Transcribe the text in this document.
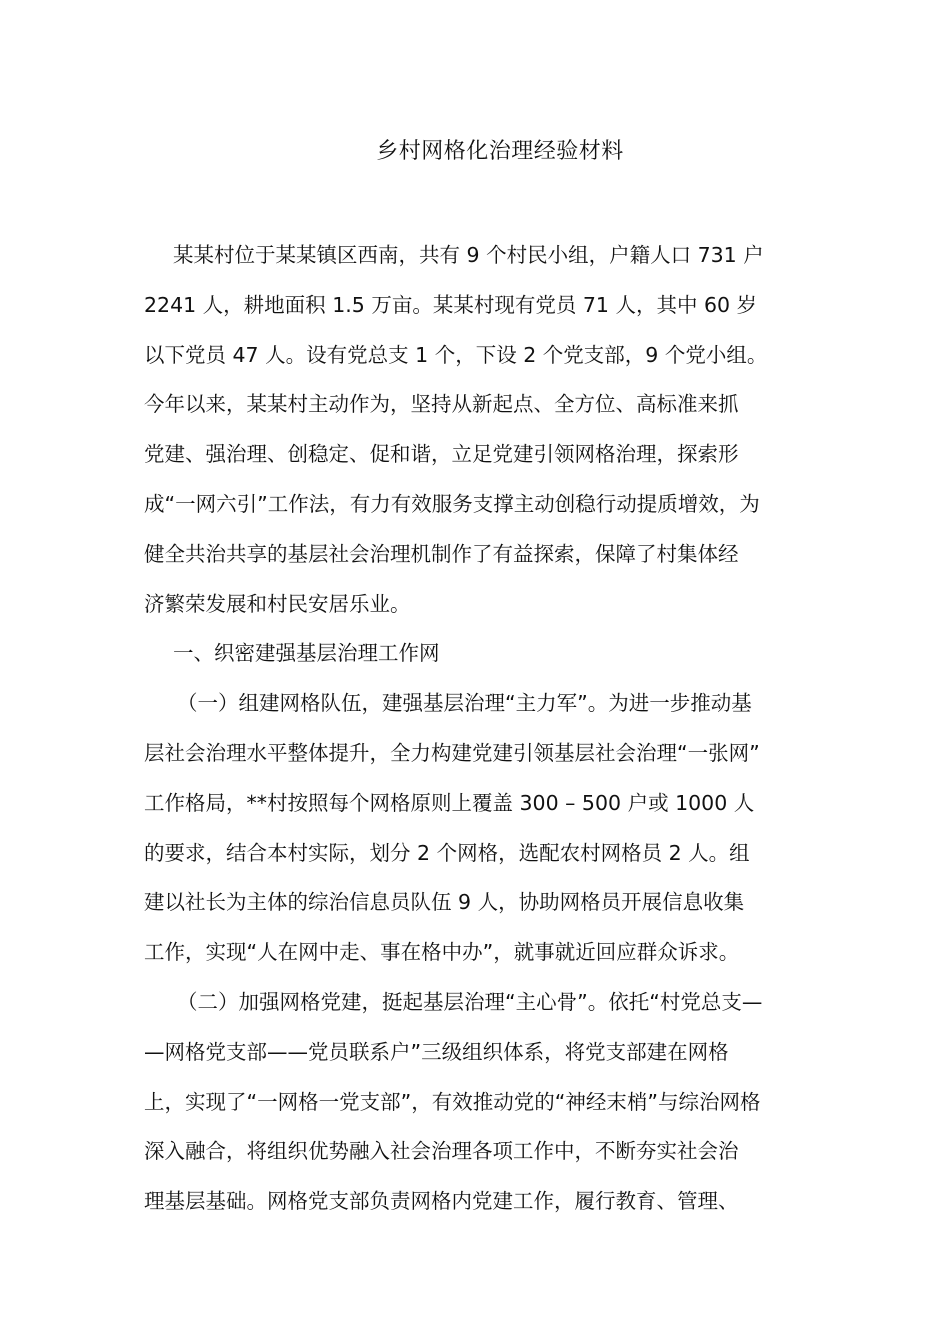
乡村网格化治理经验材料
某某村位于某某镇区西南，共有 9 个村民小组，户籍人口 731 户
2241 人，耕地面积 1.5 万亩。某某村现有党员 71 人，其中 60 岁
以下党员 47 人。设有党总支 1 个，下设 2 个党支部，9 个党小组。
今年以来，某某村主动作为，坚持从新起点、全方位、高标准来抓
党建、强治理、创稳定、促和谐，立足党建引领网格治理，探索形
成“一网六引”工作法，有力有效服务支撑主动创稳行动提质增效，为
健全共治共享的基层社会治理机制作了有益探索，保障了村集体经
济繁荣发展和村民安居乐业。
一、织密建强基层治理工作网
（一）组建网格队伍，建强基层治理“主力军”。为进一步推动基
层社会治理水平整体提升，全力构建党建引领基层社会治理“一张网”
工作格局，**村按照每个网格原则上覆盖 300 – 500 户或 1000 人
的要求，结合本村实际，划分 2 个网格，选配农村网格员 2 人。组
建以社长为主体的综治信息员队伍 9 人，协助网格员开展信息收集
工作，实现“人在网中走、事在格中办”，就事就近回应群众诉求。
（二）加强网格党建，挺起基层治理“主心骨”。依托“村党总支—
—网格党支部——党员联系户”三级组织体系，将党支部建在网格
上，实现了“一网格一党支部”，有效推动党的“神经末梢”与综治网格
深入融合，将组织优势融入社会治理各项工作中，不断夯实社会治
理基层基础。网格党支部负责网格内党建工作，履行教育、管理、
